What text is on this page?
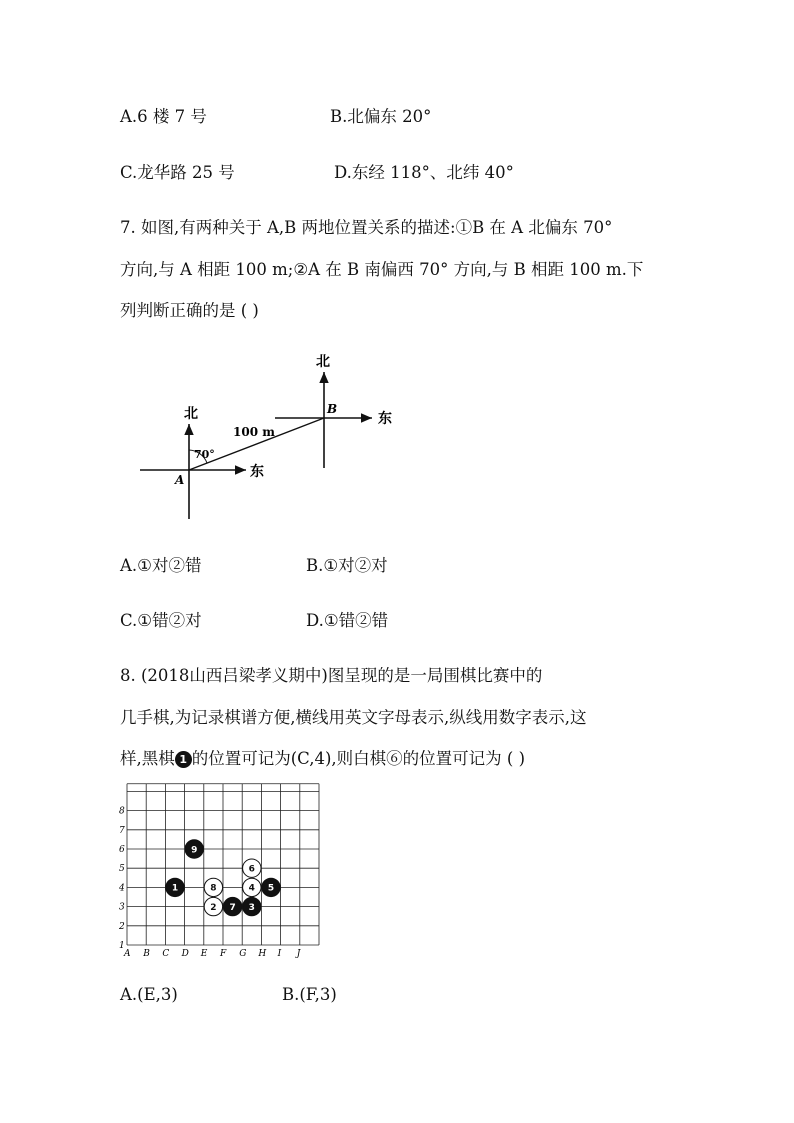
A.6 楼 7 号	B.北偏东 20°
C.龙华路 25 号	D.东经 118°、北纬 40°
7. 如图,有两种关于 A,B 两地位置关系的描述:①B 在 A 北偏东 70°
方向,与 A 相距 100 m;②A 在 B 南偏西 70° 方向,与 B 相距 100 m.下
列判断正确的是 ( )
北
东
北
东
A
B
100 m
70°
A.①对②错	B.①对②对
C.①错②对	D.①错②错
8. (2018山西吕梁孝义期中)图呈现的是一局围棋比赛中的
几手棋,为记录棋谱方便,横线用英文字母表示,纵线用数字表示,这
样,黑棋 1 的位置可记为(C,4),则白棋⑥的位置可记为 ( )
A B C D E F G H I J
1
2
3
4
5
6
7
8
1
2	3
4 5
6
7
8
9
A.(E,3)	B.(F,3)
